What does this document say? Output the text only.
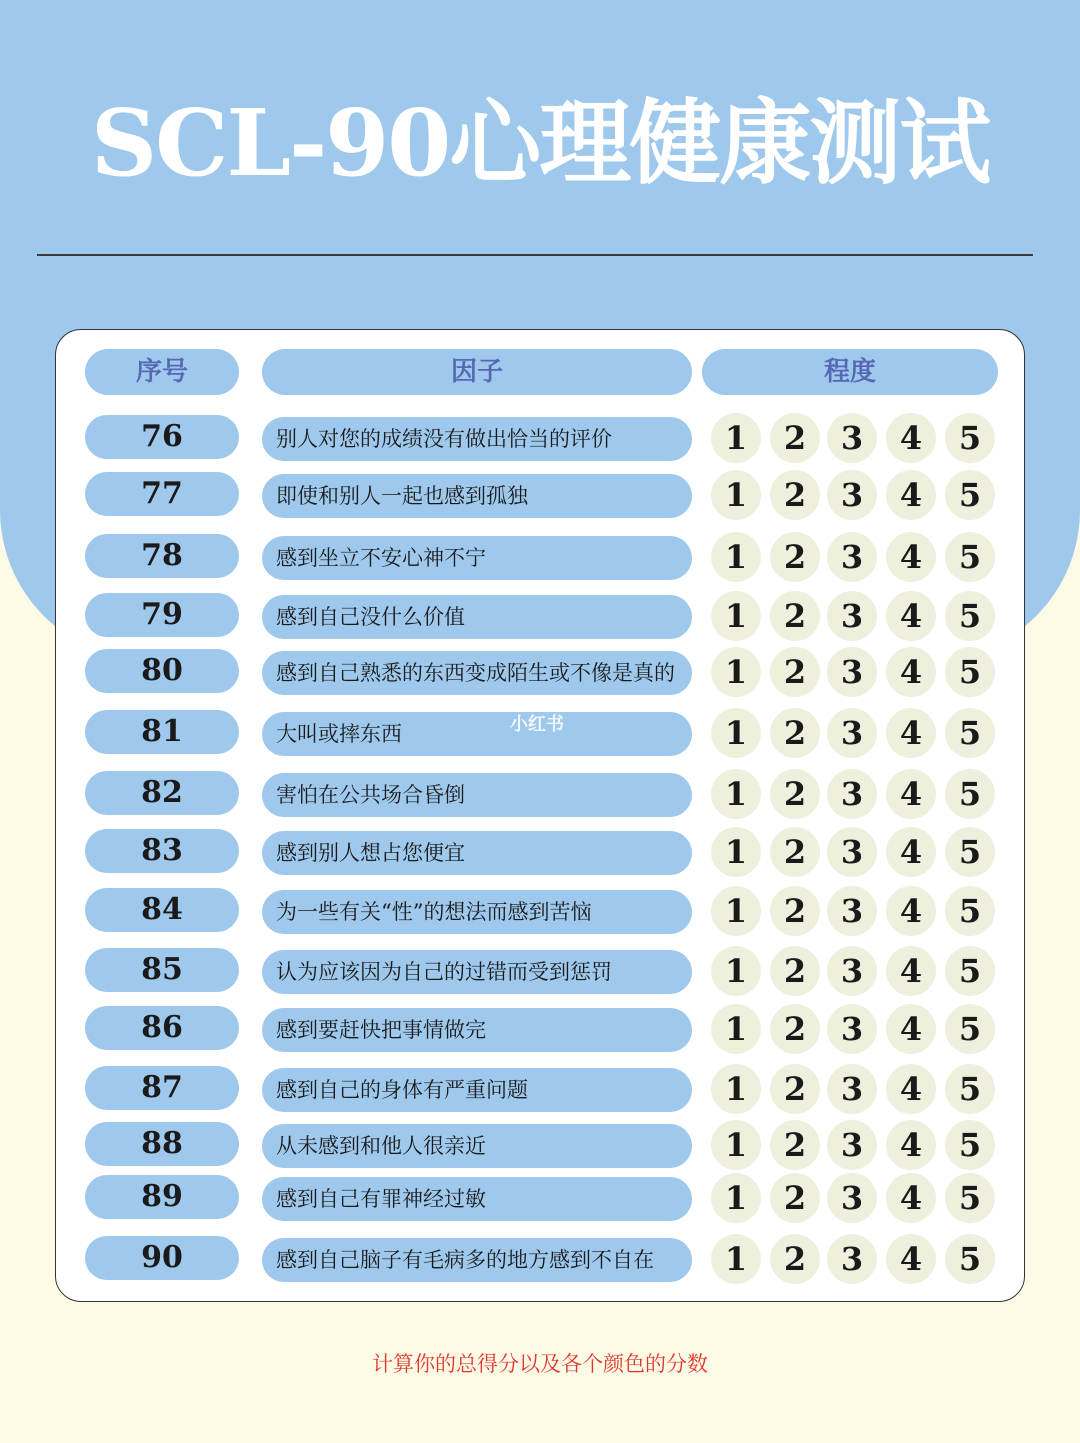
SCL-90心理健康测试
序号	因子	程度
76	别人对您的成绩没有做出恰当的评价	1	2	3	4	5
77	即使和别人一起也感到孤独	1	2	3	4	5
78	感到坐立不安心神不宁	1	2	3	4	5
79	感到自己没什么价值	1	2	3	4	5
80	感到自己熟悉的东西变成陌生或不像是真的	1	2	3	4	5
81	大叫或摔东西	1	2	3	4	5
82	害怕在公共场合昏倒	1	2	3	4	5
83	感到别人想占您便宜	1	2	3	4	5
84	为一些有关“性”的想法而感到苦恼	1	2	3	4	5
85	认为应该因为自己的过错而受到惩罚	1	2	3	4	5
86	感到要赶快把事情做完	1	2	3	4	5
87	感到自己的身体有严重问题	1	2	3	4	5
88	从未感到和他人很亲近	1	2	3	4	5
89	感到自己有罪神经过敏	1	2	3	4	5
90	感到自己脑子有毛病多的地方感到不自在	1	2	3	4	5
小红书
计算你的总得分以及各个颜色的分数
